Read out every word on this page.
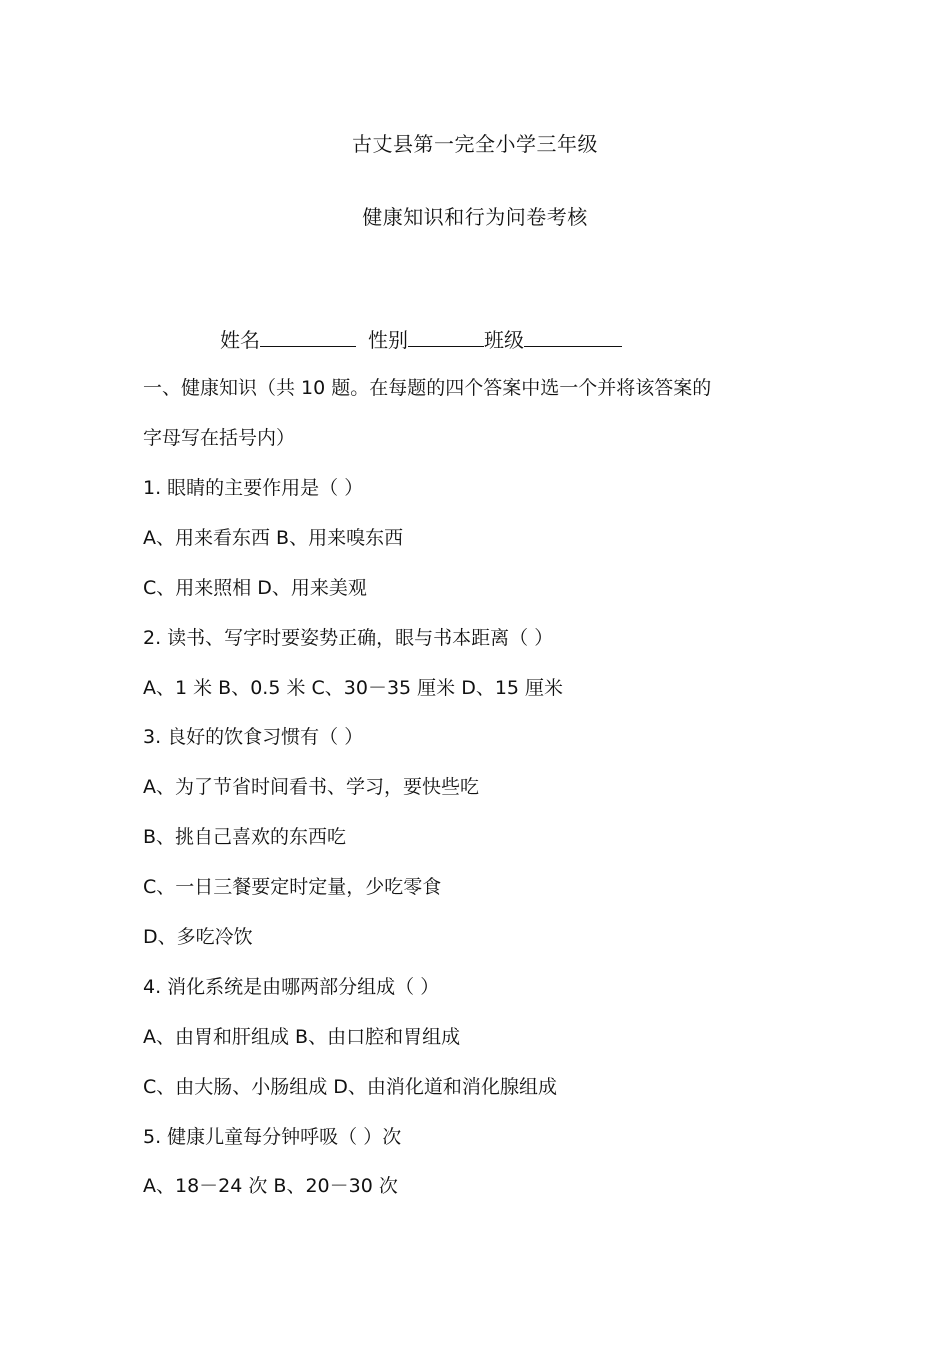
古丈县第一完全小学三年级
健康知识和行为问卷考核
姓名	性别	班级
一、健康知识（共 10 题。在每题的四个答案中选一个并将该答案的
字母写在括号内）
1. 眼睛的主要作用是（ ）
A、用来看东西 B、用来嗅东西
C、用来照相 D、用来美观
2. 读书、写字时要姿势正确，眼与书本距离（ ）
A、1 米 B、0.5 米 C、30－35 厘米 D、15 厘米
3. 良好的饮食习惯有（ ）
A、为了节省时间看书、学习，要快些吃
B、挑自己喜欢的东西吃
C、一日三餐要定时定量，少吃零食
D、多吃冷饮
4. 消化系统是由哪两部分组成（ ）
A、由胃和肝组成 B、由口腔和胃组成
C、由大肠、小肠组成 D、由消化道和消化腺组成
5. 健康儿童每分钟呼吸（ ）次
A、18－24 次 B、20－30 次
